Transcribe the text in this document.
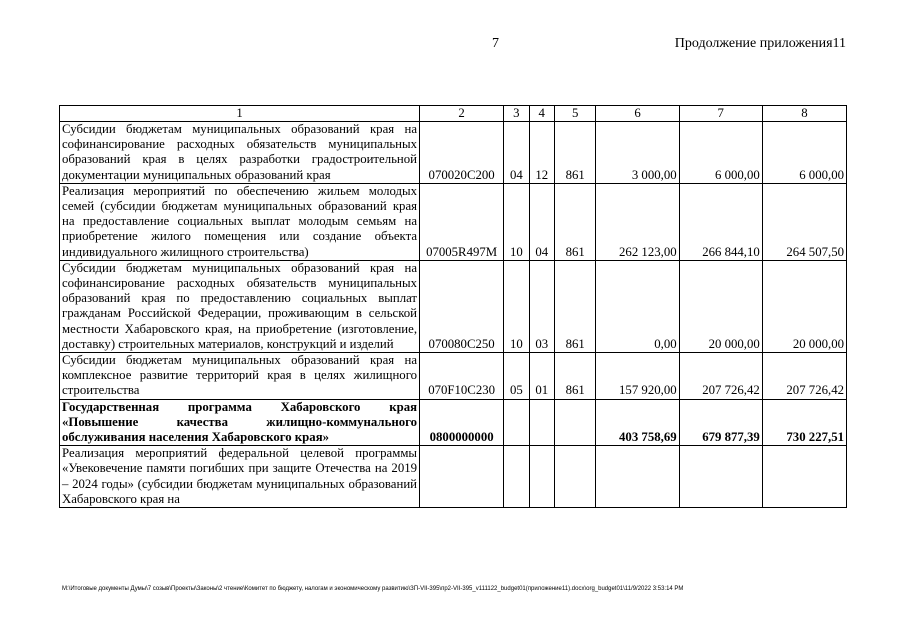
7	Продолжение приложения11
1	2	3	4	5	6	7	8
Субсидии бюджетам муниципальных образований края на софинансирование расходных обязательств муниципальных образований края в целях разработки градостроительной документации муниципальных образований края	070020С200	04	12	861	3 000,00	6 000,00	6 000,00
Реализация мероприятий по обеспечению жильем молодых семей (субсидии бюджетам муниципальных образований края на предоставление социальных выплат молодым семьям на приобретение жилого помещения или создание объекта индивидуального жилищного строительства)	07005R497M	10	04	861	262 123,00	266 844,10	264 507,50
Субсидии бюджетам муниципальных образований края на софинансирование расходных обязательств муниципальных образований края по предоставлению социальных выплат гражданам Российской Федерации, проживающим в сельской местности Хабаровского края, на приобретение (изготовление, доставку) строительных материалов, конструкций и изделий	070080С250	10	03	861	0,00	20 000,00	20 000,00
Субсидии бюджетам муниципальных образований края на комплексное развитие территорий края в целях жилищного строительства	070F10С230	05	01	861	157 920,00	207 726,42	207 726,42
Государственная программа Хабаровского края «Повышение качества жилищно-коммунального обслуживания населения Хабаровского края»	0800000000				403 758,69	679 877,39	730 227,51
Реализация мероприятий федеральной целевой программы «Увековечение памяти погибших при защите Отечества на 2019 – 2024 годы» (субсидии бюджетам муниципальных образований Хабаровского края на							
M:\Итоговые документы Думы\7 созыв\Проекты\Законы\2 чтение\Комитет по бюджету, налогам и экономическому развитию\ЗП-VII-395\пр2-VII-395_v111122_budget01(приложение11).docx\org_budget01\11/9/2022 3:53:14 PM
